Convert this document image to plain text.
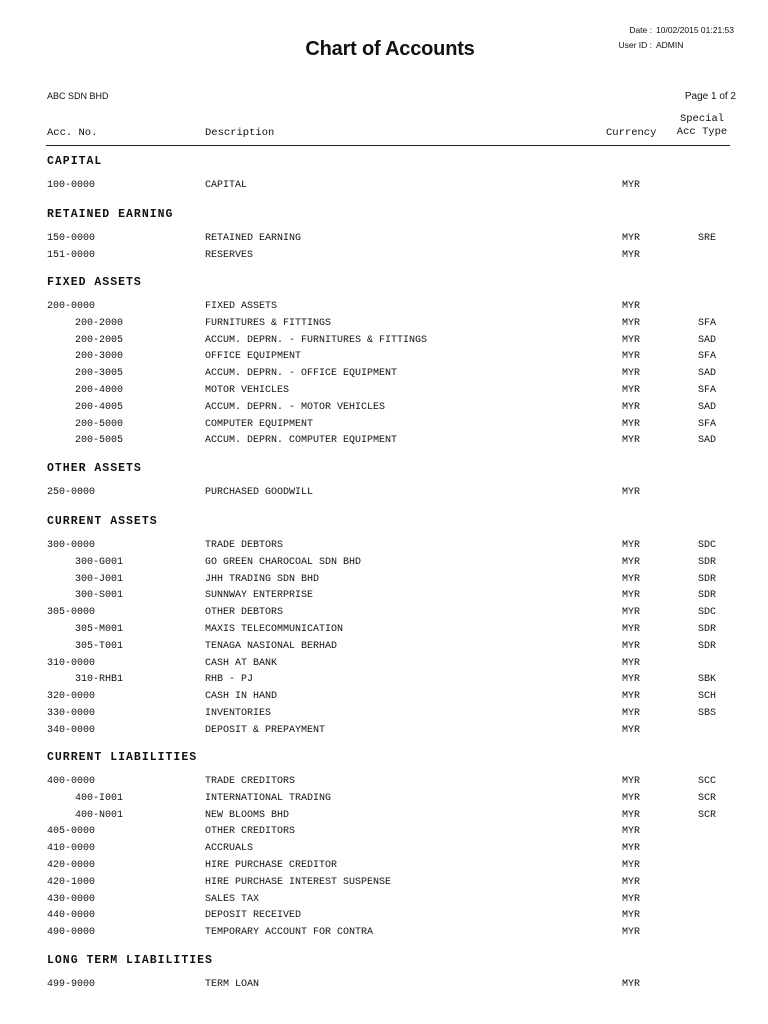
Date : 10/02/2015 01:21:53
User ID : ADMIN
Chart of Accounts
ABC SDN BHD	Page 1 of 2
Acc. No.	Description	Currency
Special
Acc Type
CAPITAL
100-0000	CAPITAL	MYR
RETAINED EARNING
150-0000	RETAINED EARNING	MYR	SRE
151-0000	RESERVES	MYR
FIXED ASSETS
200-0000	FIXED ASSETS	MYR
200-2000	FURNITURES & FITTINGS	MYR	SFA
200-2005	ACCUM. DEPRN. - FURNITURES & FITTINGS	MYR	SAD
200-3000	OFFICE EQUIPMENT	MYR	SFA
200-3005	ACCUM. DEPRN. - OFFICE EQUIPMENT	MYR	SAD
200-4000	MOTOR VEHICLES	MYR	SFA
200-4005	ACCUM. DEPRN. - MOTOR VEHICLES	MYR	SAD
200-5000	COMPUTER EQUIPMENT	MYR	SFA
200-5005	ACCUM. DEPRN. COMPUTER EQUIPMENT	MYR	SAD
OTHER ASSETS
250-0000	PURCHASED GOODWILL	MYR
CURRENT ASSETS
300-0000	TRADE DEBTORS	MYR	SDC
300-G001	GO GREEN CHAROCOAL SDN BHD	MYR	SDR
300-J001	JHH TRADING SDN BHD	MYR	SDR
300-S001	SUNNWAY ENTERPRISE	MYR	SDR
305-0000	OTHER DEBTORS	MYR	SDC
305-M001	MAXIS TELECOMMUNICATION	MYR	SDR
305-T001	TENAGA NASIONAL BERHAD	MYR	SDR
310-0000	CASH AT BANK	MYR
310-RHB1	RHB - PJ	MYR	SBK
320-0000	CASH IN HAND	MYR	SCH
330-0000	INVENTORIES	MYR	SBS
340-0000	DEPOSIT & PREPAYMENT	MYR
CURRENT LIABILITIES
400-0000	TRADE CREDITORS	MYR	SCC
400-I001	INTERNATIONAL TRADING	MYR	SCR
400-N001	NEW BLOOMS BHD	MYR	SCR
405-0000	OTHER CREDITORS	MYR
410-0000	ACCRUALS	MYR
420-0000	HIRE PURCHASE CREDITOR	MYR
420-1000	HIRE PURCHASE INTEREST SUSPENSE	MYR
430-0000	SALES TAX	MYR
440-0000	DEPOSIT RECEIVED	MYR
490-0000	TEMPORARY ACCOUNT FOR CONTRA	MYR
LONG TERM LIABILITIES
499-9000	TERM LOAN	MYR
